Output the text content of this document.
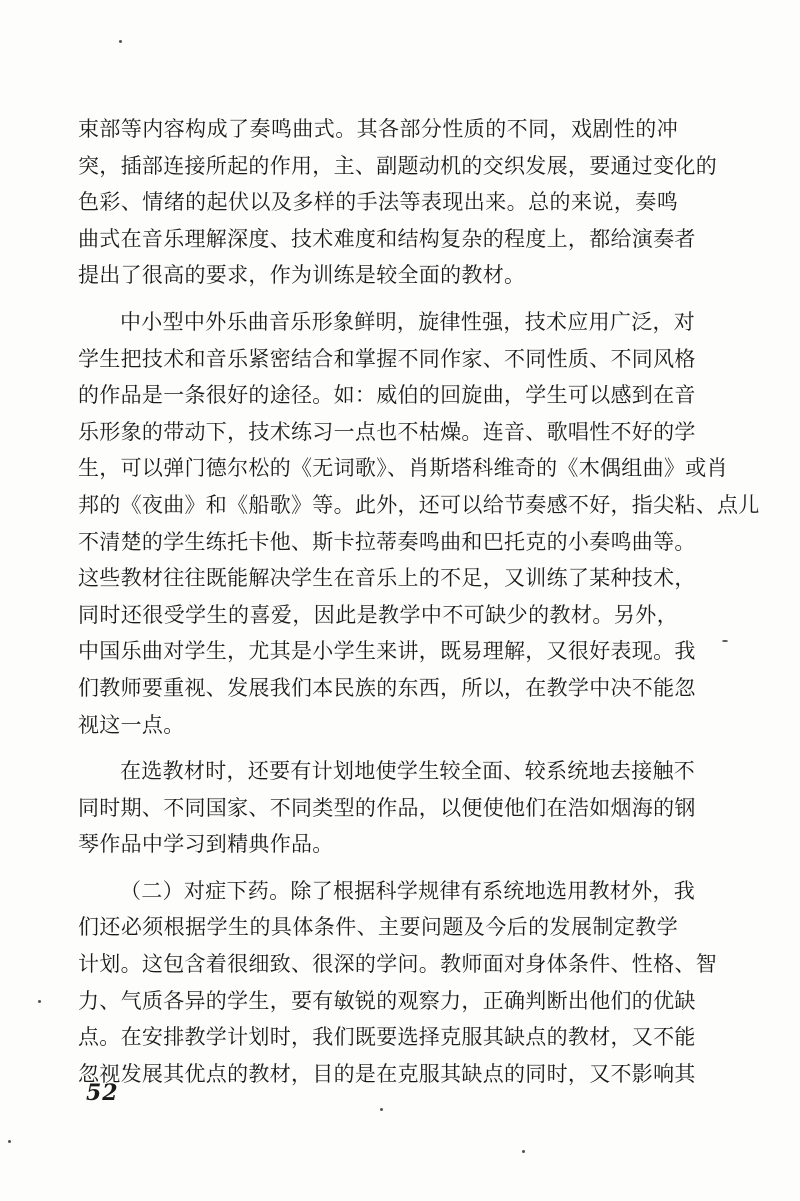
束部等内容构成了奏鸣曲式。其各部分性质的不同，戏剧性的冲
突，插部连接所起的作用，主、副题动机的交织发展，要通过变化的
色彩、情绪的起伏以及多样的手法等表现出来。总的来说，奏鸣
曲式在音乐理解深度、技术难度和结构复杂的程度上，都给演奏者
提出了很高的要求，作为训练是较全面的教材。
中小型中外乐曲音乐形象鲜明，旋律性强，技术应用广泛，对
学生把技术和音乐紧密结合和掌握不同作家、不同性质、不同风格
的作品是一条很好的途径。如：威伯的回旋曲，学生可以感到在音
乐形象的带动下，技术练习一点也不枯燥。连音、歌唱性不好的学
生，可以弹门德尔松的《无词歌》、肖斯塔科维奇的《木偶组曲》或肖
邦的《夜曲》和《船歌》等。此外，还可以给节奏感不好，指尖粘、点儿
不清楚的学生练托卡他、斯卡拉蒂奏鸣曲和巴托克的小奏鸣曲等。
这些教材往往既能解决学生在音乐上的不足，又训练了某种技术，
同时还很受学生的喜爱，因此是教学中不可缺少的教材。另外，
中国乐曲对学生，尤其是小学生来讲，既易理解，又很好表现。我
们教师要重视、发展我们本民族的东西，所以，在教学中决不能忽
视这一点。
在选教材时，还要有计划地使学生较全面、较系统地去接触不
同时期、不同国家、不同类型的作品，以便使他们在浩如烟海的钢
琴作品中学习到精典作品。
（二）对症下药。除了根据科学规律有系统地选用教材外，我
们还必须根据学生的具体条件、主要问题及今后的发展制定教学
计划。这包含着很细致、很深的学问。教师面对身体条件、性格、智
力、气质各异的学生，要有敏锐的观察力，正确判断出他们的优缺
点。在安排教学计划时，我们既要选择克服其缺点的教材，又不能
忽视发展其优点的教材，目的是在克服其缺点的同时，又不影响其
52
